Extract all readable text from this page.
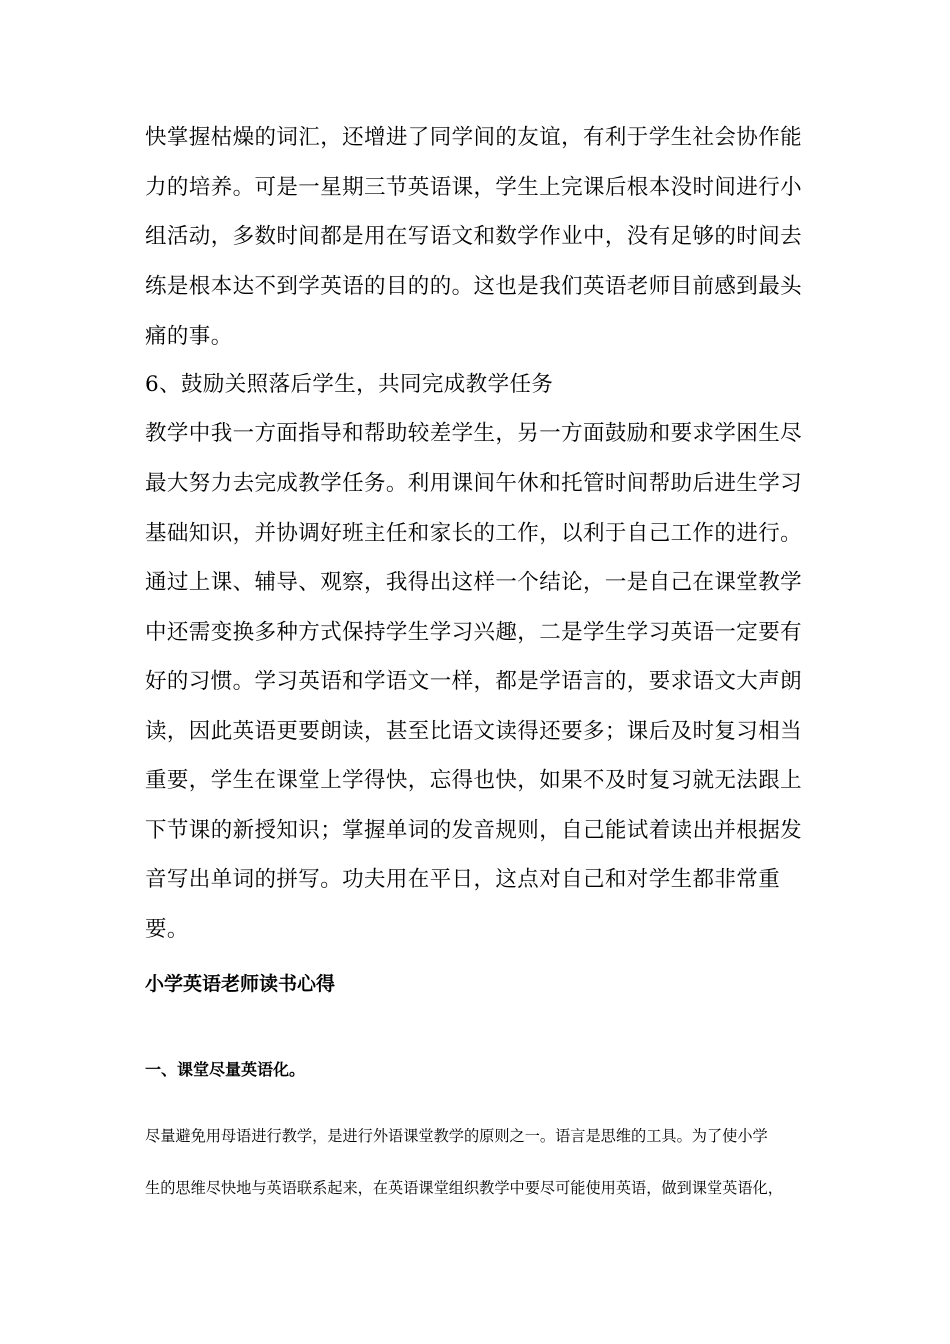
快掌握枯燥的词汇，还增进了同学间的友谊，有利于学生社会协作能

力的培养。可是一星期三节英语课，学生上完课后根本没时间进行小

组活动，多数时间都是用在写语文和数学作业中，没有足够的时间去

练是根本达不到学英语的目的的。这也是我们英语老师目前感到最头

痛的事。

6、鼓励关照落后学生，共同完成教学任务

教学中我一方面指导和帮助较差学生，另一方面鼓励和要求学困生尽

最大努力去完成教学任务。利用课间午休和托管时间帮助后进生学习

基础知识，并协调好班主任和家长的工作，以利于自己工作的进行。

通过上课、辅导、观察，我得出这样一个结论，一是自己在课堂教学

中还需变换多种方式保持学生学习兴趣，二是学生学习英语一定要有

好的习惯。学习英语和学语文一样，都是学语言的，要求语文大声朗

读，因此英语更要朗读，甚至比语文读得还要多；课后及时复习相当

重要，学生在课堂上学得快，忘得也快，如果不及时复习就无法跟上

下节课的新授知识；掌握单词的发音规则，自己能试着读出并根据发

音写出单词的拼写。功夫用在平日，这点对自己和对学生都非常重

要。

小学英语老师读书心得
一、课堂尽量英语化。

尽量避免用母语进行教学，是进行外语课堂教学的原则之一。语言是思维的工具。为了使小学

生的思维尽快地与英语联系起来，在英语课堂组织教学中要尽可能使用英语，做到课堂英语化，
